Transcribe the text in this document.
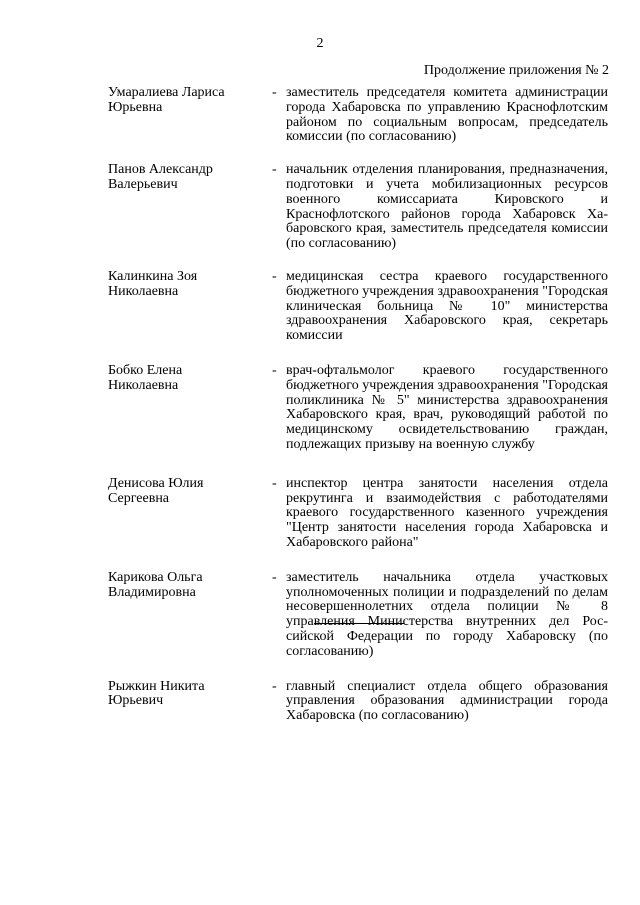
2
Продолжение приложения № 2
Умаралиева Лариса
Юрьевна
- заместитель председателя комитета администрации города Хабаровска по управлению Краснофлотским районом по социальным вопросам, председатель комиссии (по согласованию)
Панов Александр
Валерьевич
- начальник отделения планирования, предназначения, подготовки и учета мобилизационных ресурсов военного комиссариата Кировского и Краснофлотского районов города Хабаровск Хабаровского края, заместитель председателя комиссии (по согласованию)
Калинкина Зоя
Николаевна
- медицинская сестра краевого государственного бюджетного учреждения здравоохранения "Городская клиническая больница № 10" министерства здравоохранения Хабаровского края, секретарь комиссии
Бобко Елена
Николаевна
- врач-офтальмолог краевого государственного бюджетного учреждения здравоохранения "Городская поликлиника № 5" министерства здравоохранения Хабаровского края, врач, руководящий работой по медицинскому освидетельствованию граждан, подлежащих призыву на военную службу
Денисова Юлия
Сергеевна
- инспектор центра занятости населения отдела рекрутинга и взаимодействия с работодателями краевого государственного казенного учреждения "Центр занятости населения города Хабаровска и Хабаровского района"
Карикова Ольга
Владимировна
- заместитель начальника отдела участковых уполномоченных полиции и подразделений по делам несовершеннолетних отдела полиции № 8 управления Министерства внутренних дел Российской Федерации по городу Хабаровску (по согласованию)
Рыжкин Никита
Юрьевич
- главный специалист отдела общего образования управления образования администрации города Хабаровска (по согласованию)
